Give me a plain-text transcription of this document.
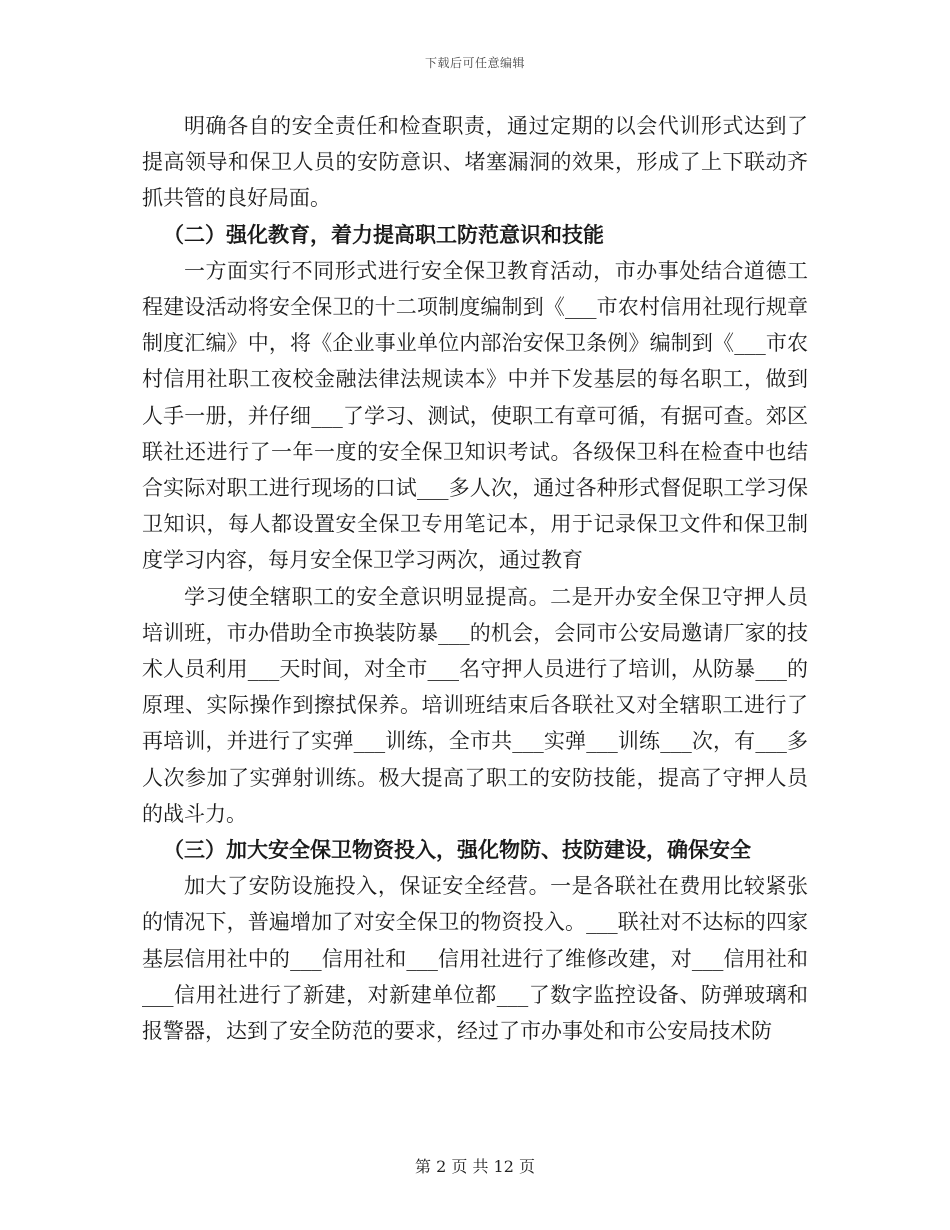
下载后可任意编辑

明确各自的安全责任和检查职责，通过定期的以会代训形式达到了提高领导和保卫人员的安防意识、堵塞漏洞的效果，形成了上下联动齐抓共管的良好局面。

（二）强化教育，着力提高职工防范意识和技能

一方面实行不同形式进行安全保卫教育活动，市办事处结合道德工程建设活动将安全保卫的十二项制度编制到《___市农村信用社现行规章制度汇编》中，将《企业事业单位内部治安保卫条例》编制到《___市农村信用社职工夜校金融法律法规读本》中并下发基层的每名职工，做到人手一册，并仔细___了学习、测试，使职工有章可循，有据可查。郊区联社还进行了一年一度的安全保卫知识考试。各级保卫科在检查中也结合实际对职工进行现场的口试___多人次，通过各种形式督促职工学习保卫知识，每人都设置安全保卫专用笔记本，用于记录保卫文件和保卫制度学习内容，每月安全保卫学习两次，通过教育

学习使全辖职工的安全意识明显提高。二是开办安全保卫守押人员培训班，市办借助全市换装防暴___的机会，会同市公安局邀请厂家的技术人员利用___天时间，对全市___名守押人员进行了培训，从防暴___的原理、实际操作到擦拭保养。培训班结束后各联社又对全辖职工进行了再培训，并进行了实弹___训练，全市共___实弹___训练___次，有___多人次参加了实弹射训练。极大提高了职工的安防技能，提高了守押人员的战斗力。

（三）加大安全保卫物资投入，强化物防、技防建设，确保安全

加大了安防设施投入，保证安全经营。一是各联社在费用比较紧张的情况下，普遍增加了对安全保卫的物资投入。___联社对不达标的四家基层信用社中的___信用社和___信用社进行了维修改建，对___信用社和___信用社进行了新建，对新建单位都___了数字监控设备、防弹玻璃和报警器，达到了安全防范的要求，经过了市办事处和市公安局技术防

第 2 页 共 12 页
